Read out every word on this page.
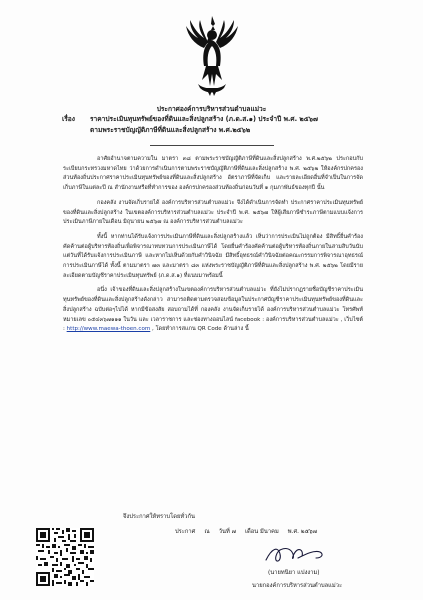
ประกาศองค์การบริหารส่วนตำบลแม่วะ
เรื่อง	ราคาประเมินทุนทรัพย์ของที่ดินและสิ่งปลูกสร้าง (ภ.ด.ส.๑) ประจำปี พ.ศ. ๒๕๖๗
ตามพระราชบัญญัติภาษีที่ดินและสิ่งปลูกสร้าง พ.ศ.๒๕๖๒

อาศัยอำนาจตามความใน มาตรา ๓๘ ตามพระราชบัญญัติภาษีที่ดินและสิ่งปลูกสร้าง พ.ศ.๒๕๖๒ ประกอบกับระเบียบกระทรวงมหาดไทย ว่าด้วยการดำเนินการตามพระราชบัญญัติภาษีที่ดินและสิ่งปลูกสร้าง พ.ศ. ๒๕๖๒ ให้องค์กรปกครองส่วนท้องถิ่นประกาศราคาประเมินทุนทรัพย์ของที่ดินและสิ่งปลูกสร้าง อัตราภาษีที่จัดเก็บ และรายละเอียดอื่นที่จำเป็นในการจัดเก็บภาษีในแต่ละปี ณ สำนักงานหรือที่ทำการของ องค์กรปกครองส่วนท้องถิ่นก่อนวันที่ ๑ กุมภาพันธ์ของทุกปี นั้น

กองคลัง งานจัดเก็บรายได้ องค์การบริหารส่วนตำบลแม่วะ จึงได้ดำเนินการจัดทำ ประกาศราคาประเมินทุนทรัพย์ของที่ดินและสิ่งปลูกสร้าง ในเขตองค์การบริหารส่วนตำบลแม่วะ ประจำปี พ.ศ. ๒๕๖๗ ให้ผู้เสียภาษีชำระภาษีตามแบบแจ้งการประเมินภาษีภายในเดือน มิถุนายน ๒๕๖๗ ณ องค์การบริหารส่วนตำบลแม่วะ

ทั้งนี้ หากท่านได้รับแจ้งการประเมินภาษีที่ดินและสิ่งปลูกสร้างแล้ว เห็นว่าการประเมินไม่ถูกต้อง มีสิทธิ์ยื่นคำร้องคัดค้านต่อผู้บริหารท้องถิ่นเพื่อพิจารณาทบทวนการประเมินภาษีได้ โดยยื่นคำร้องคัดค้านต่อผู้บริหารท้องถิ่นภายในสามสิบวันนับแต่วันที่ได้รับแจ้งการประเมินภาษี และหากไม่เห็นด้วยกับคำวินิจฉัย มีสิทธิ์อุทธรณ์คำวินิจฉัยต่อคณะกรรมการพิจารณาอุทธรณ์การประเมินภาษีได้ ทั้งนี้ ตามมาตรา ๗๓ และมาตรา ๘๓ แห่งพระราชบัญญัติภาษีที่ดินและสิ่งปลูกสร้าง พ.ศ. ๒๕๖๒ โดยมีรายละเอียดตามบัญชีราคาประเมินทุนทรัพย์ (ภ.ด.ส.๑) ที่แนบมาพร้อมนี้

อนึ่ง เจ้าของที่ดินและสิ่งปลูกสร้างในเขตองค์การบริหารส่วนตำบลแม่วะ ที่ยังไม่ปรากฏรายชื่อบัญชีราคาประเมินทุนทรัพย์ของที่ดินและสิ่งปลูกสร้างดังกล่าว สามารถติดตามตรวจสอบข้อมูลในประกาศบัญชีราคาประเมินทุนทรัพย์ของที่ดินและสิ่งปลูกสร้าง ฉบับต่อๆไปได้ หากมีข้อสงสัย สอบถามได้ที่ กองคลัง งานจัดเก็บรายได้ องค์การบริหารส่วนตำบลแม่วะ โทรศัพท์หมายเลข ๐๕๔๓๖๗๑๑๑ ในวัน และ เวลาราชการ และช่องทางออนไลน์ facebook : องค์การบริหารส่วนตำบลแม่วะ , เว็บไซต์ : http://www.maewa-thoen.com , โดยทำการสแกน QR Code ด้านล่าง นี้

จึงประกาศให้ทราบโดยทั่วกัน
ประกาศ ณ วันที่ ๗ เดือน มีนาคม พ.ศ. ๒๕๖๗
(นายทนิยา แปงงาม)
นายกองค์การบริหารส่วนตำบลแม่วะ
